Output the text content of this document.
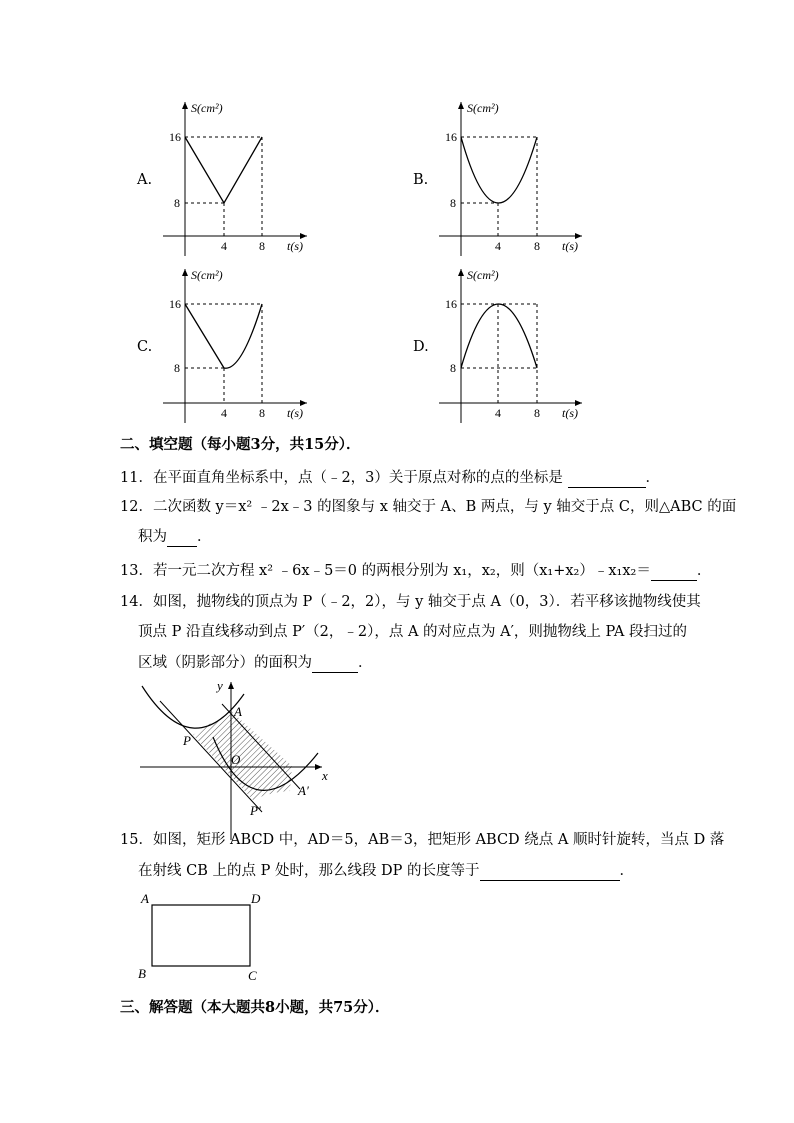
A.
S(cm²)
t(s)
16
8
4	8
B.
S(cm²)
t(s)
16
8
4	8
C.
S(cm²)
t(s)
16
8
4	8
D.
S(cm²)
t(s)
16
8
4	8
二、填空题（每小题3分，共15分）．
11．在平面直角坐标系中，点（﹣2，3）关于原点对称的点的坐标是	．
12．二次函数 y＝x² ﹣2x﹣3 的图象与 x 轴交于 A、B 两点，与 y 轴交于点 C，则△ABC 的面
积为 ．
13．若一元二次方程 x² ﹣6x﹣5＝0 的两根分别为 x₁，x₂，则（x₁+x₂）﹣x₁x₂＝	．
14．如图，抛物线的顶点为 P（﹣2，2），与 y 轴交于点 A（0，3）．若平移该抛物线使其
顶点 P 沿直线移动到点 P′（2，﹣2），点 A 的对应点为 A′，则抛物线上 PA 段扫过的
区域（阴影部分）的面积为	．
y
x
O
A
P
P′
A′
15．如图，矩形 ABCD 中，AD＝5，AB＝3，把矩形 ABCD 绕点 A 顺时针旋转，当点 D 落
在射线 CB 上的点 P 处时，那么线段 DP 的长度等于	．
A	D
B	C
三、解答题（本大题共8小题，共75分）．
